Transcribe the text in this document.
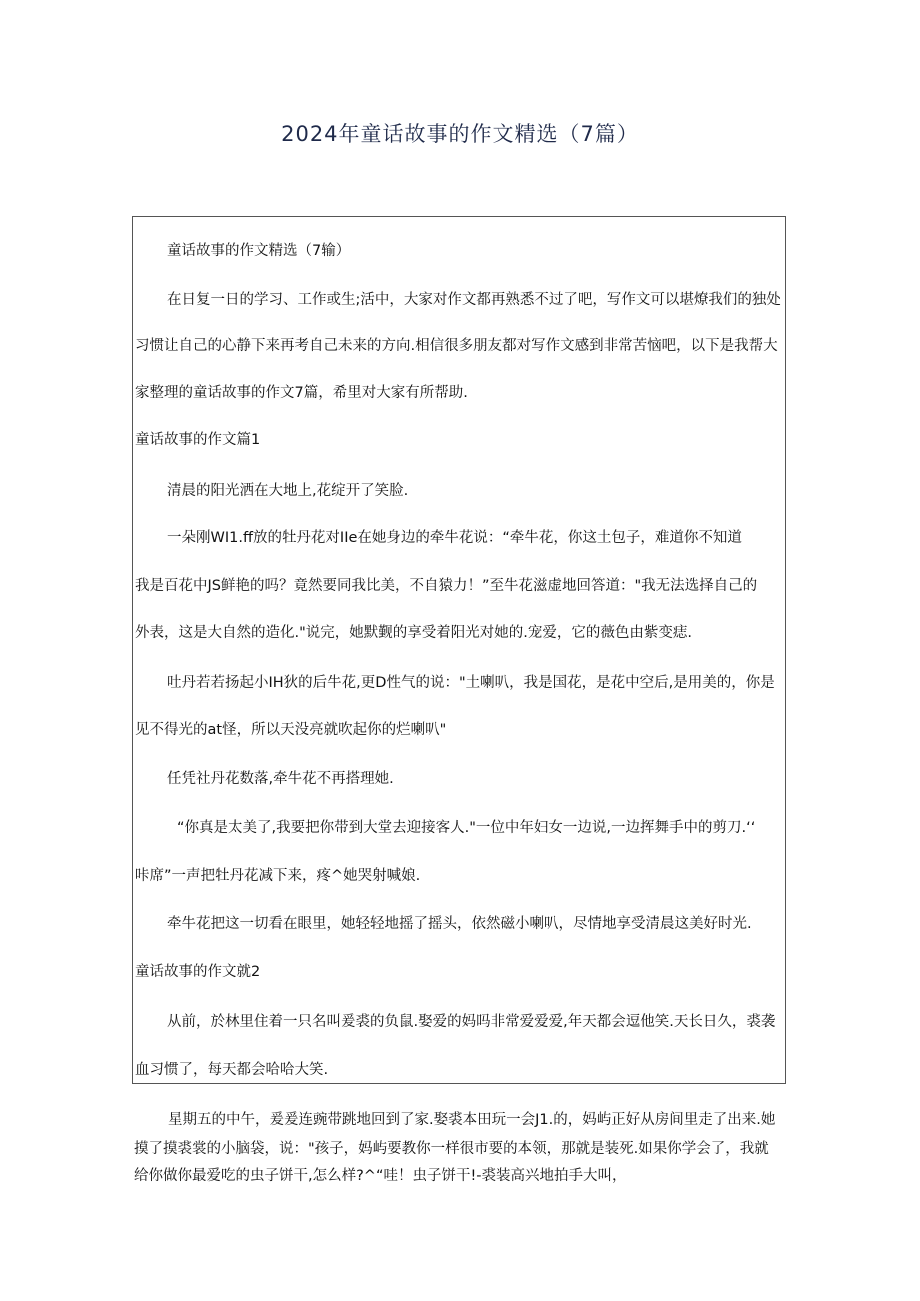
2024年童话故事的作文精选（7篇）

童话故事的作文精选（7输）

在日复一日的学习、工作或生;活中，大家对作文都再熟悉不过了吧，写作文可以堪燎我们的独处

习惯让自己的心静下来再考自己未来的方向.相信很多朋友都对写作文感到非常苦恼吧，以下是我帮大

家整理的童话故事的作文7篇，希里对大家有所帮助.

童话故事的作文篇1

清晨的阳光洒在大地上,花绽开了笑脸.

一朵刚WI1.ff放的牡丹花对IIe在她身边的牵牛花说：“牵牛花，你这土包子，难道你不知道

我是百花中JS鲜艳的吗？竟然要同我比美，不自猿力！”至牛花滋虚地回答道："我无法选择自己的

外表，这是大自然的造化."说完，她默觐的享受着阳光对她的.宠爱，它的薇色由紫变痣.

吐丹若若扬起小IH狄的后牛花,更D性气的说："土喇叭，我是国花，是花中空后,是用美的，你是

见不得光的at怪，所以天没亮就吹起你的烂喇叭"

任凭社丹花数落,牵牛花不再搭理她.

“你真是太美了,我要把你带到大堂去迎接客人."一位中年妇女一边说,一边挥舞手中的剪刀.‘‘

咔席”一声把牡丹花减下来，疼^她哭射喊娘.

牵牛花把这一切看在眼里，她轻轻地摇了摇头，依然磁小喇叭，尽情地享受清晨这美好时光.

童话故事的作文就2

从前，於林里住着一只名叫爰裘的负鼠.娶爱的妈吗非常爱爱爱,年天都会逗他笑.天长日久，裘袭

血习惯了，每天都会哈哈大笑.

星期五的中午，爰爰连豌带跳地回到了家.娶裘本田玩一会J1.的，妈屿正好从房间里走了出来.她

摸了摸裘裳的小脑袋，说："孩子，妈屿要教你一样很市要的本领，那就是装死.如果你学会了，我就

给你做你最爱吃的虫子饼干,怎么样?^“哇！虫子饼干!-裘装高兴地拍手大叫，
